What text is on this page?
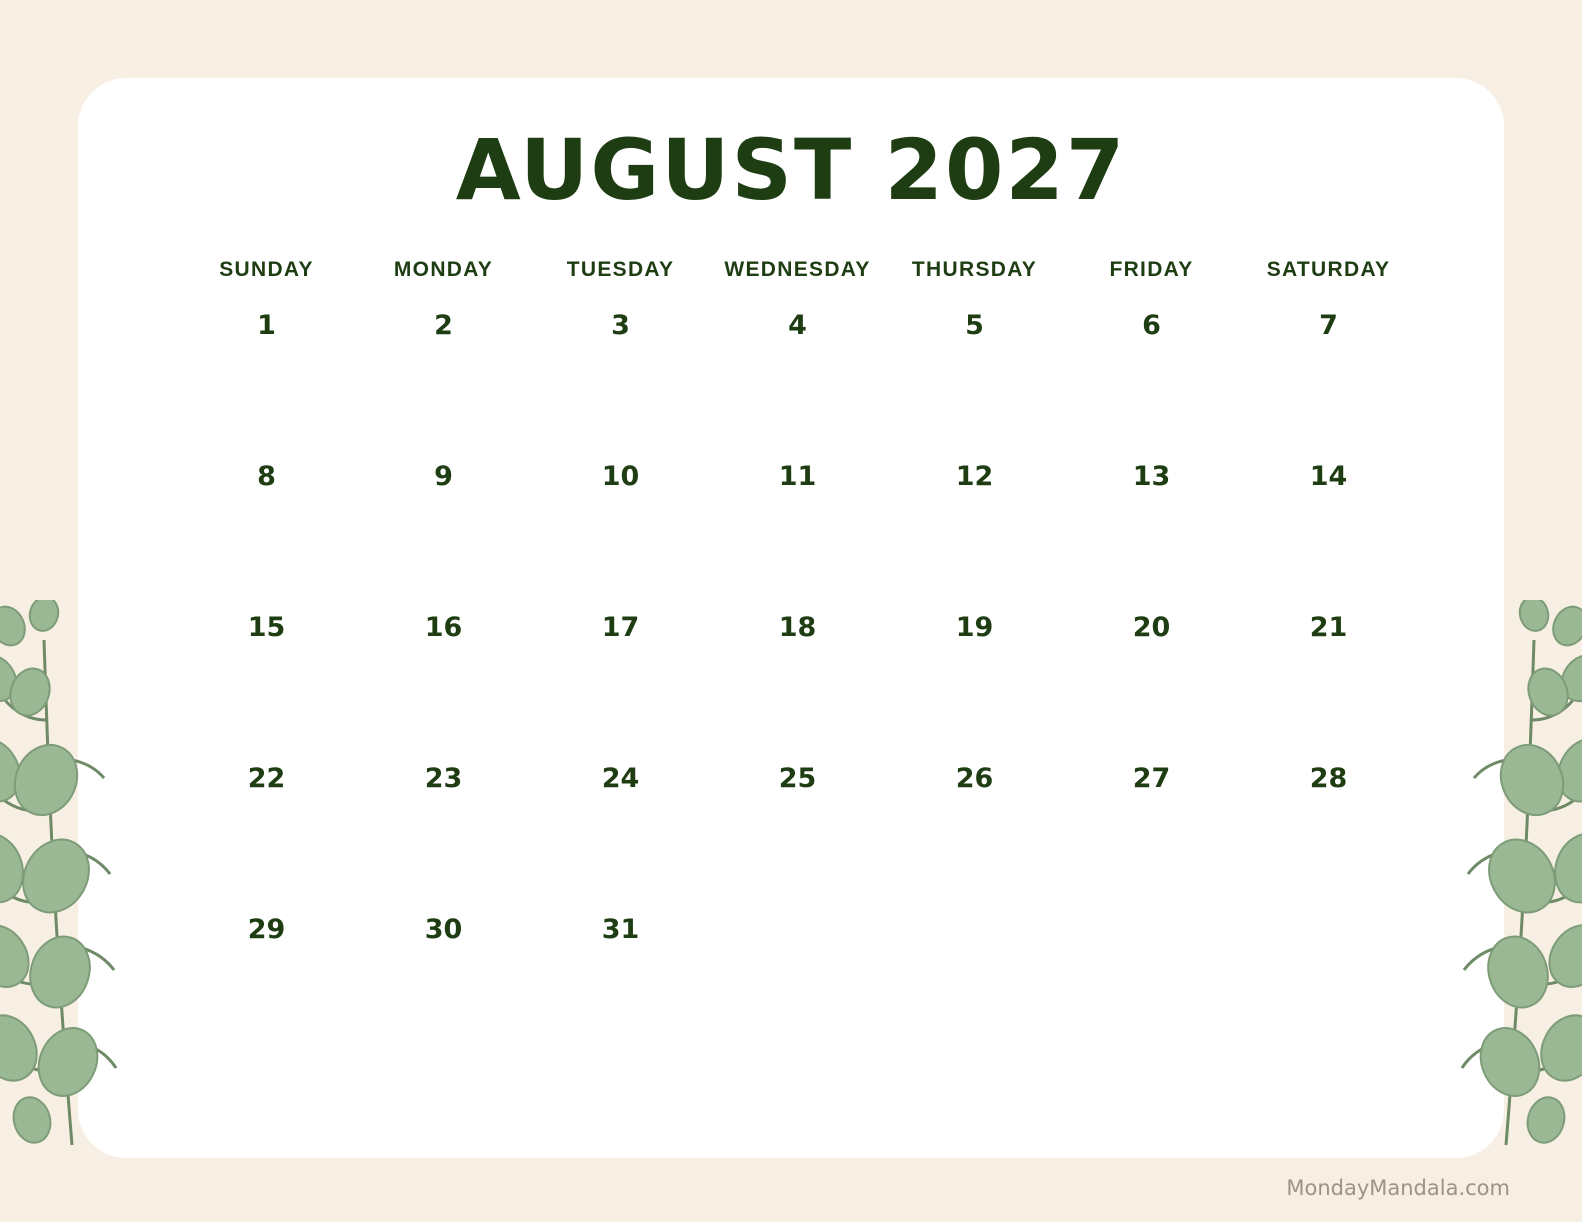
AUGUST 2027
SUNDAY	MONDAY	TUESDAY	WEDNESDAY	THURSDAY	FRIDAY	SATURDAY
1	2	3	4	5	6	7
8	9	10	11	12	13	14
15	16	17	18	19	20	21
22	23	24	25	26	27	28
29	30	31
MondayMandala.com
